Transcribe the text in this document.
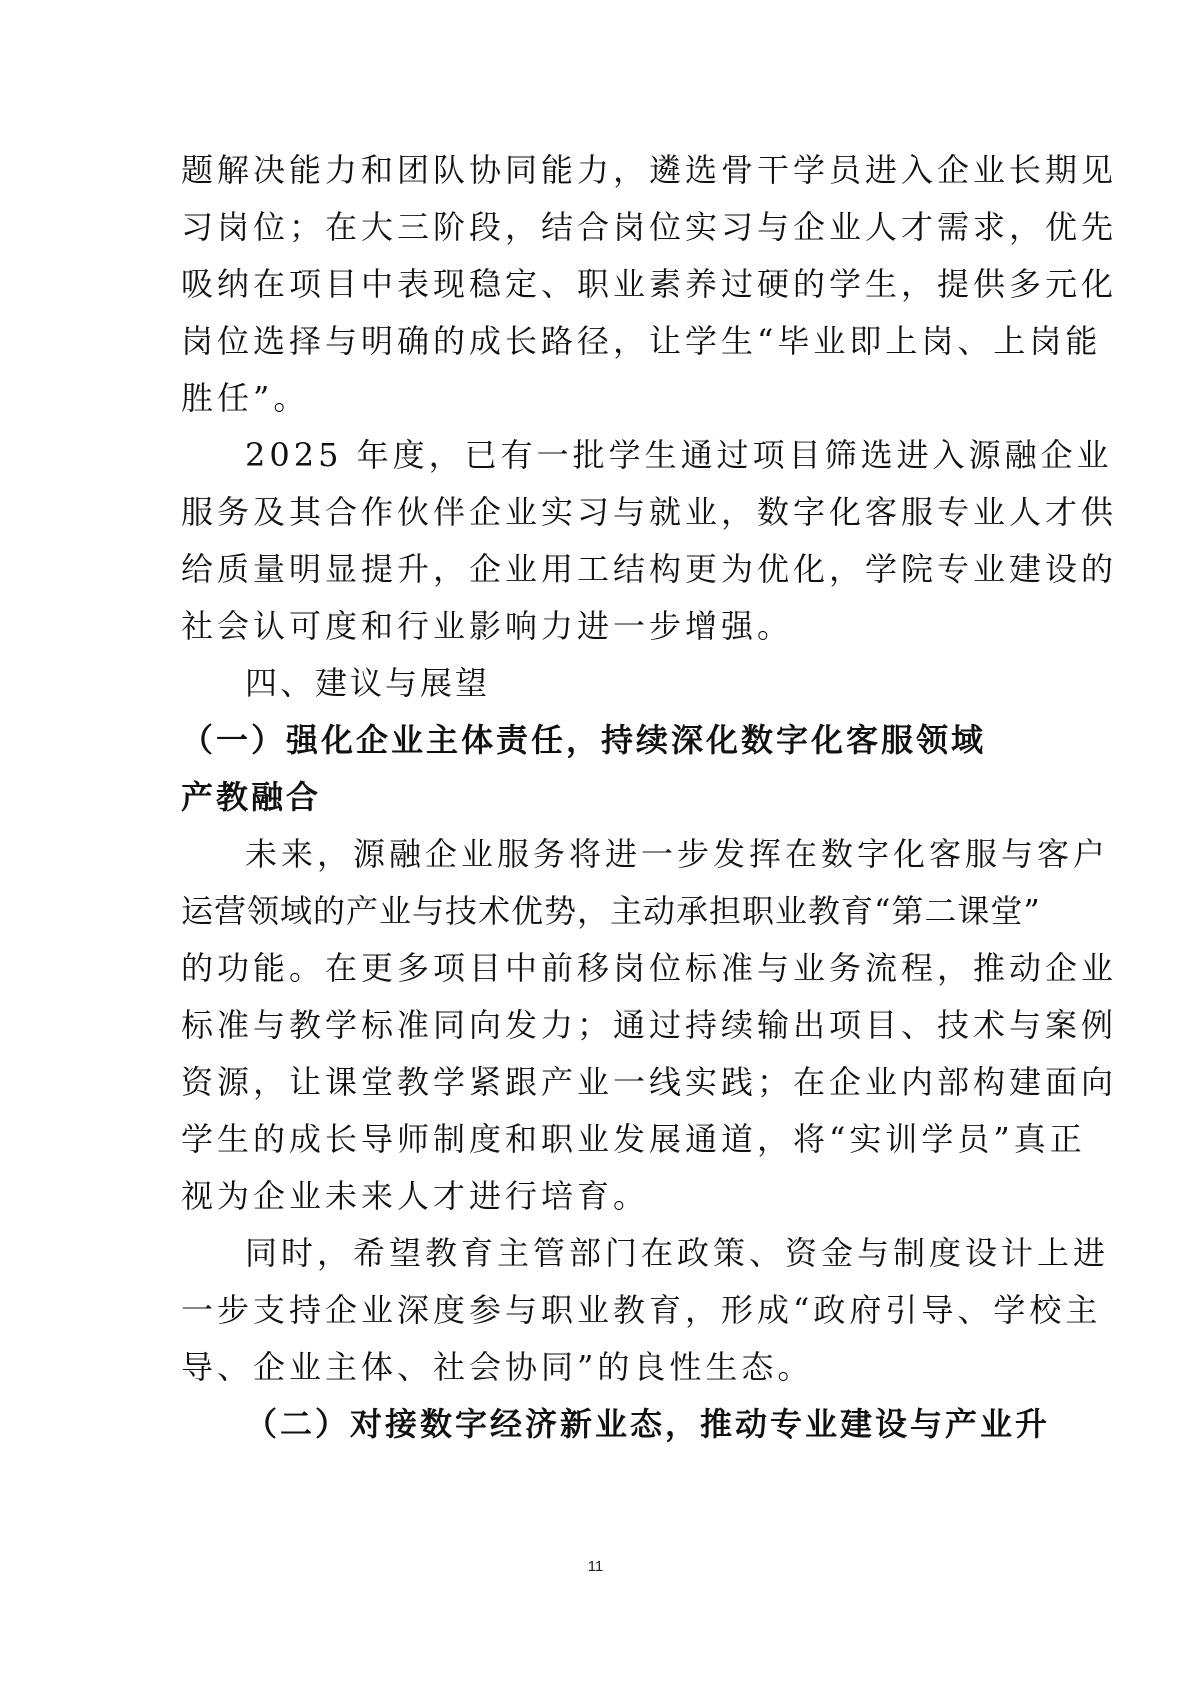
题解决能力和团队协同能力，遴选骨干学员进入企业长期见
习岗位；在大三阶段，结合岗位实习与企业人才需求，优先
吸纳在项目中表现稳定、职业素养过硬的学生，提供多元化
岗位选择与明确的成长路径，让学生“毕业即上岗、上岗能
胜任”。
2025 年度，已有一批学生通过项目筛选进入源融企业
服务及其合作伙伴企业实习与就业，数字化客服专业人才供
给质量明显提升，企业用工结构更为优化，学院专业建设的
社会认可度和行业影响力进一步增强。
四、建议与展望
（一）强化企业主体责任，持续深化数字化客服领域
产教融合
未来，源融企业服务将进一步发挥在数字化客服与客户
运营领域的产业与技术优势，主动承担职业教育“第二课堂”
的功能。在更多项目中前移岗位标准与业务流程，推动企业
标准与教学标准同向发力；通过持续输出项目、技术与案例
资源，让课堂教学紧跟产业一线实践；在企业内部构建面向
学生的成长导师制度和职业发展通道，将“实训学员”真正
视为企业未来人才进行培育。
同时，希望教育主管部门在政策、资金与制度设计上进
一步支持企业深度参与职业教育，形成“政府引导、学校主
导、企业主体、社会协同”的良性生态。
（二）对接数字经济新业态，推动专业建设与产业升
11
